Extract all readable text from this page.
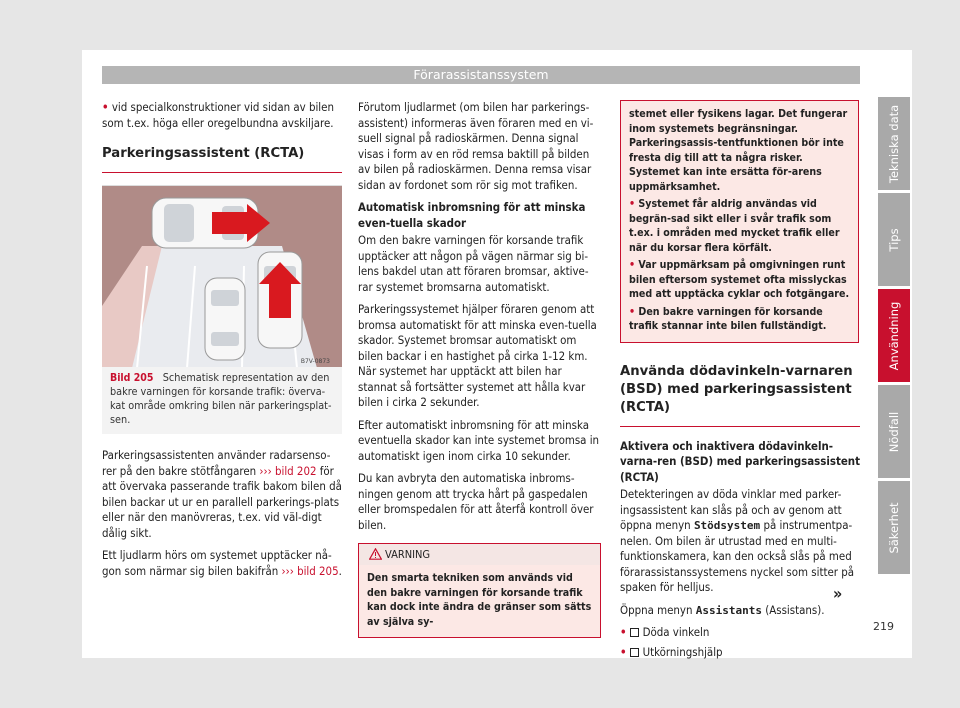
Förarassistanssystem

• vid specialkonstruktioner vid sidan av bilen som t.ex. höga eller oregelbundna avskiljare.

Parkeringsassistent (RCTA)
B7V-0873
Bild 205 Schematisk representation av den bakre varningen för korsande trafik: överva-kat område omkring bilen när parkeringsplat-sen.

Parkeringsassistenten använder radarsenso-rer på den bakre stötfångaren ››› bild 202 för att övervaka passerande trafik bakom bilen då bilen backar ut ur en parallell parkerings-plats eller när den manövreras, t.ex. vid väl-digt dålig sikt.

Ett ljudlarm hörs om systemet upptäcker nå-gon som närmar sig bilen bakifrån ››› bild 205.

Förutom ljudlarmet (om bilen har parkerings-assistent) informeras även föraren med en vi-suell signal på radioskärmen. Denna signal visas i form av en röd remsa baktill på bilden av bilen på radioskärmen. Denna remsa visar sidan av fordonet som rör sig mot trafiken.

Automatisk inbromsning för att minska even-tuella skador

Om den bakre varningen för korsande trafik upptäcker att någon på vägen närmar sig bi-lens bakdel utan att föraren bromsar, aktive-rar systemet bromsarna automatiskt.

Parkeringssystemet hjälper föraren genom att bromsa automatiskt för att minska even-tuella skador. Systemet bromsar automatiskt om bilen backar i en hastighet på cirka 1-12 km. När systemet har upptäckt att bilen har stannat så fortsätter systemet att hålla kvar bilen i cirka 2 sekunder.

Efter automatiskt inbromsning för att minska eventuella skador kan inte systemet bromsa in automatiskt igen inom cirka 10 sekunder.

Du kan avbryta den automatiska inbroms-ningen genom att trycka hårt på gaspedalen eller bromspedalen för att återfå kontroll över bilen.

VARNING
Den smarta tekniken som används vid den bakre varningen för korsande trafik kan dock inte ändra de gränser som sätts av själva sy-

stemet eller fysikens lagar. Det fungerar inom systemets begränsningar. Parkeringsassis-tentfunktionen bör inte fresta dig till att ta några risker. Systemet kan inte ersätta för-arens uppmärksamhet.

• Systemet får aldrig användas vid begrän-sad sikt eller i svår trafik som t.ex. i områden med mycket trafik eller när du korsar flera körfält.

• Var uppmärksam på omgivningen runt bilen eftersom systemet ofta misslyckas med att upptäcka cyklar och fotgängare.

• Den bakre varningen för korsande trafik stannar inte bilen fullständigt.

Använda dödavinkeln-varnaren (BSD) med parkeringsassistent (RCTA)

Aktivera och inaktivera dödavinkeln-varna-ren (BSD) med parkeringsassistent (RCTA)

Detekteringen av döda vinklar med parker-ingsassistent kan slås på och av genom att öppna menyn Stödsystem på instrumentpa-nelen. Om bilen är utrustad med en multi-funktionskamera, kan den också slås på med förarassistanssystemens nyckel som sitter på spaken för helljus.

Öppna menyn Assistants (Assistans).

• Döda vinkeln

• Utkörningshjälp

»
Tekniska data
Tips
Användning
Nödfall
Säkerhet
219
